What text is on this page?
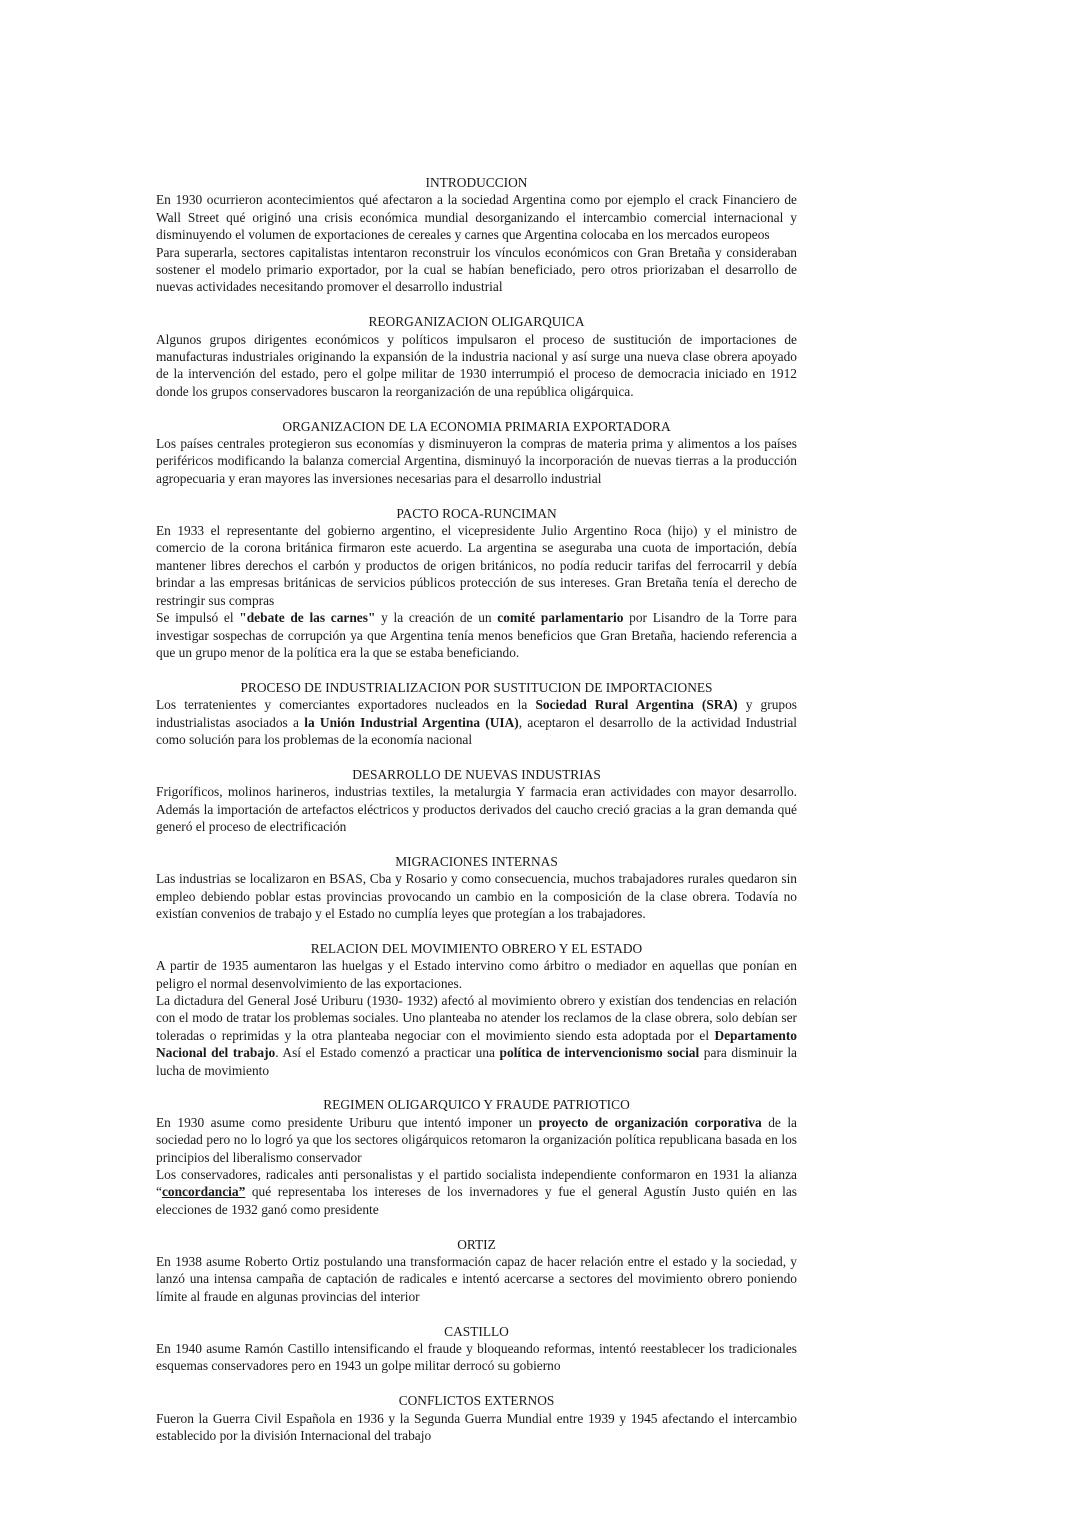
INTRODUCCION
En 1930 ocurrieron acontecimientos qué afectaron a la sociedad Argentina como por ejemplo el crack Financiero de Wall Street qué originó una crisis económica mundial desorganizando el intercambio comercial internacional y disminuyendo el volumen de exportaciones de cereales y carnes que Argentina colocaba en los mercados europeos
Para superarla, sectores capitalistas intentaron reconstruir los vínculos económicos con Gran Bretaña y consideraban sostener el modelo primario exportador, por la cual se habían beneficiado, pero otros priorizaban el desarrollo de nuevas actividades necesitando promover el desarrollo industrial
REORGANIZACION OLIGARQUICA
Algunos grupos dirigentes económicos y políticos impulsaron el proceso de sustitución de importaciones de manufacturas industriales originando la expansión de la industria nacional y así surge una nueva clase obrera apoyado de la intervención del estado, pero el golpe militar de 1930 interrumpió el proceso de democracia iniciado en 1912 donde los grupos conservadores buscaron la reorganización de una república oligárquica.
ORGANIZACION DE LA ECONOMIA PRIMARIA EXPORTADORA
Los países centrales protegieron sus economías y disminuyeron la compras de materia prima y alimentos a los países periféricos modificando la balanza comercial Argentina, disminuyó la incorporación de nuevas tierras a la producción agropecuaria y eran mayores las inversiones necesarias para el desarrollo industrial
PACTO ROCA-RUNCIMAN
En 1933 el representante del gobierno argentino, el vicepresidente Julio Argentino Roca (hijo) y el ministro de comercio de la corona británica firmaron este acuerdo. La argentina se aseguraba una cuota de importación, debía mantener libres derechos el carbón y productos de origen británicos, no podía reducir tarifas del ferrocarril y debía brindar a las empresas británicas de servicios públicos protección de sus intereses. Gran Bretaña tenía el derecho de restringir sus compras
Se impulsó el "debate de las carnes" y la creación de un comité parlamentario por Lisandro de la Torre para investigar sospechas de corrupción ya que Argentina tenía menos beneficios que Gran Bretaña, haciendo referencia a que un grupo menor de la política era la que se estaba beneficiando.
PROCESO DE INDUSTRIALIZACION POR SUSTITUCION DE IMPORTACIONES
Los terratenientes y comerciantes exportadores nucleados en la Sociedad Rural Argentina (SRA) y grupos industrialistas asociados a la Unión Industrial Argentina (UIA), aceptaron el desarrollo de la actividad Industrial como solución para los problemas de la economía nacional
DESARROLLO DE NUEVAS INDUSTRIAS
Frigoríficos, molinos harineros, industrias textiles, la metalurgia Y farmacia eran actividades con mayor desarrollo. Además la importación de artefactos eléctricos y productos derivados del caucho creció gracias a la gran demanda qué generó el proceso de electrificación
MIGRACIONES INTERNAS
Las industrias se localizaron en BSAS, Cba y Rosario y como consecuencia, muchos trabajadores rurales quedaron sin empleo debiendo poblar estas provincias provocando un cambio en la composición de la clase obrera. Todavía no existían convenios de trabajo y el Estado no cumplía leyes que protegían a los trabajadores.
RELACION DEL MOVIMIENTO OBRERO Y EL ESTADO
A partir de 1935 aumentaron las huelgas y el Estado intervino como árbitro o mediador en aquellas que ponían en peligro el normal desenvolvimiento de las exportaciones.
La dictadura del General José Uriburu (1930- 1932) afectó al movimiento obrero y existían dos tendencias en relación con el modo de tratar los problemas sociales. Uno planteaba no atender los reclamos de la clase obrera, solo debían ser toleradas o reprimidas y la otra planteaba negociar con el movimiento siendo esta adoptada por el Departamento Nacional del trabajo. Así el Estado comenzó a practicar una política de intervencionismo social para disminuir la lucha de movimiento
REGIMEN OLIGARQUICO Y FRAUDE PATRIOTICO
En 1930 asume como presidente Uriburu que intentó imponer un proyecto de organización corporativa de la sociedad pero no lo logró ya que los sectores oligárquicos retomaron la organización política republicana basada en los principios del liberalismo conservador
Los conservadores, radicales anti personalistas y el partido socialista independiente conformaron en 1931 la alianza “concordancia” qué representaba los intereses de los invernadores y fue el general Agustín Justo quién en las elecciones de 1932 ganó como presidente
ORTIZ
En 1938 asume Roberto Ortiz postulando una transformación capaz de hacer relación entre el estado y la sociedad, y lanzó una intensa campaña de captación de radicales e intentó acercarse a sectores del movimiento obrero poniendo límite al fraude en algunas provincias del interior
CASTILLO
En 1940 asume Ramón Castillo intensificando el fraude y bloqueando reformas, intentó reestablecer los tradicionales esquemas conservadores pero en 1943 un golpe militar derrocó su gobierno
CONFLICTOS EXTERNOS
Fueron la Guerra Civil Española en 1936 y la Segunda Guerra Mundial entre 1939 y 1945 afectando el intercambio establecido por la división Internacional del trabajo
